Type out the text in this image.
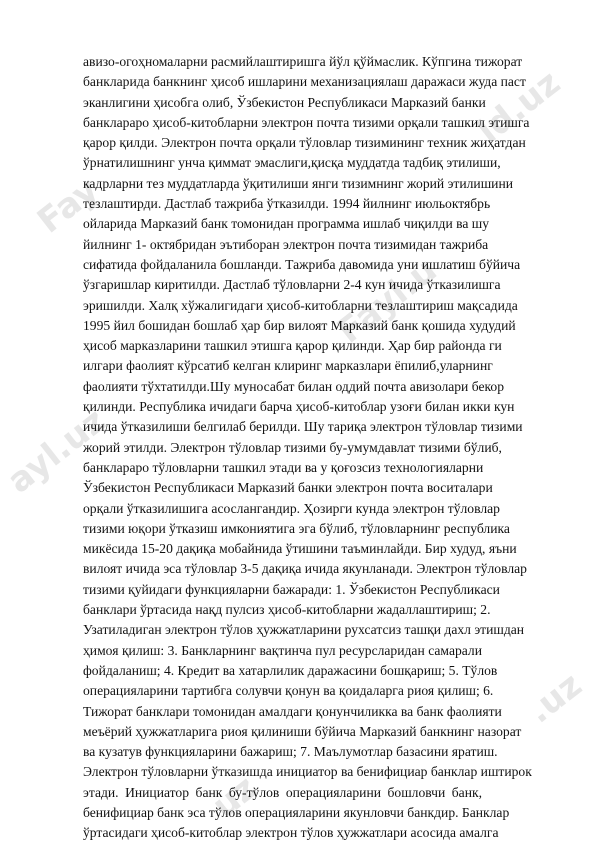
ld.uz
Fay
Fayl.u
ayl.uz
.uz
uz
авизо-огоҳномаларни расмийлаштиришга йўл қўймаслик. Кўпгина тижорат
банкларида банкнинг ҳисоб ишларини механизациялаш даражаси жуда паст
эканлигини ҳисобга олиб, Ўзбекистон Республикаси Марказий банки
банклараро ҳисоб-китобларни электрон почта тизими орқали ташкил этишга
қарор қилди. Электрон почта орқали тўловлар тизимининг техник жиҳатдан
ўрнатилишнинг унча қиммат эмаслиги,қисқа муддатда тадбиқ этилиши,
кадрларни тез муддатларда ўқитилиши янги тизимнинг жорий этилишини
тезлаштирди. Дастлаб тажриба ўтказилди. 1994 йилнинг июльоктябрь
ойларида Марказий банк томонидан программа ишлаб чиқилди ва шу
йилнинг 1- октябридан эътиборан электрон почта тизимидан тажриба
сифатида фойдаланила бошланди. Тажриба давомида уни ишлатиш бўйича
ўзгаришлар киритилди. Дастлаб тўловларни 2-4 кун ичида ўтказилишга
эришилди. Халқ хўжалигидаги ҳисоб-китобларни тезлаштириш мақсадида
1995 йил бошидан бошлаб ҳар бир вилоят Марказий банк қошида худудий
ҳисоб марказларини ташкил этишга қарор қилинди. Ҳар бир районда ги
илгари фаолият кўрсатиб келган клиринг марказлари ёпилиб,уларнинг
фаолияти тўхтатилди.Шу муносабат билан оддий почта авизолари бекор
қилинди. Республика ичидаги барча ҳисоб-китоблар узоғи билан икки кун
ичида ўтказилиши белгилаб берилди. Шу тариқа электрон тўловлар тизими
жорий этилди. Электрон тўловлар тизими бу-умумдавлат тизими бўлиб,
банклараро тўловларни ташкил этади ва у қоғозсиз технологияларни
Ўзбекистон Республикаси Марказий банки электрон почта воситалари
орқали ўтказилишига асослангандир. Ҳозирги кунда электрон тўловлар
тизими юқори ўтказиш имкониятига эга бўлиб, тўловларнинг республика
микёсида 15-20 дақиқа мобайнида ўтишини таъминлайди. Бир худуд, яъни
вилоят ичида эса тўловлар 3-5 дақиқа ичида якунланади. Электрон тўловлар
тизими қуйидаги функцияларни бажаради: 1. Ўзбекистон Республикаси
банклари ўртасида нақд пулсиз ҳисоб-китобларни жадаллаштириш; 2.
Узатиладиган электрон тўлов ҳужжатларини рухсатсиз ташқи дахл этишдан
ҳимоя қилиш: 3. Банкларнинг вақтинча пул ресурсларидан самарали
фойдаланиш; 4. Кредит ва хатарлилик даражасини бошқариш; 5. Тўлов
операцияларини тартибга солувчи қонун ва қоидаларга риоя қилиш; 6.
Тижорат банклари томонидан амалдаги қонунчиликка ва банк фаолияти
меъёрий ҳужжатларига риоя қилиниши бўйича Марказий банкнинг назорат
ва кузатув функцияларини бажариш; 7. Маълумотлар базасини яратиш.
Электрон тўловларни ўтказишда инициатор ва бенифициар банклар иштирок
этади. Инициатор банк бу-тўлов операцияларини бошловчи банк,
бенифициар банк эса тўлов операцияларини якунловчи банкдир. Банклар
ўртасидаги ҳисоб-китоблар электрон тўлов ҳужжатлари асосида амалга
